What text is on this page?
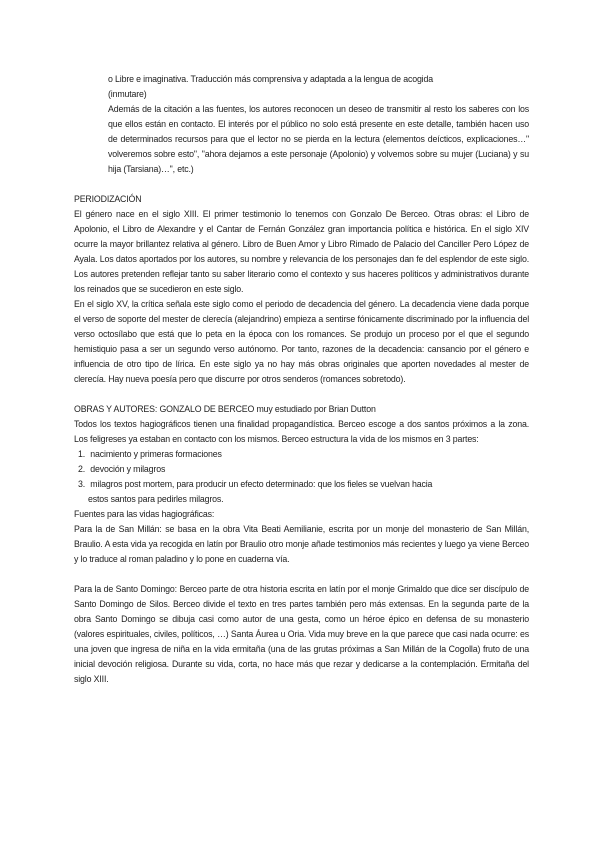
o Libre e imaginativa. Traducción más comprensiva y adaptada a la lengua de acogida

(inmutare)

Además de la citación a las fuentes, los autores reconocen un deseo de transmitir al resto los saberes con los que ellos están en contacto. El interés por el público no solo está presente en este detalle, también hacen uso de determinados recursos para que el lector no se pierda en la lectura (elementos deícticos, explicaciones…" volveremos sobre esto", "ahora dejamos a este personaje (Apolonio) y volvemos sobre su mujer (Luciana) y su hija (Tarsiana)…", etc.)

PERIODIZACIÓN

El género nace en el siglo XIII. El primer testimonio lo tenemos con Gonzalo De Berceo. Otras obras: el Libro de Apolonio, el Libro de Alexandre y el Cantar de Fernán González gran importancia política e histórica. En el siglo XIV ocurre la mayor brillantez relativa al género. Libro de Buen Amor y Libro Rimado de Palacio del Canciller Pero López de Ayala. Los datos aportados por los autores, su nombre y relevancia de los personajes dan fe del esplendor de este siglo. Los autores pretenden reflejar tanto su saber literario como el contexto y sus haceres políticos y administrativos durante los reinados que se sucedieron en este siglo.

En el siglo XV, la crítica señala este siglo como el periodo de decadencia del género. La decadencia viene dada porque el verso de soporte del mester de clerecía (alejandrino) empieza a sentirse fónicamente discriminado por la influencia del verso octosílabo que está que lo peta en la época con los romances. Se produjo un proceso por el que el segundo hemistiquio pasa a ser un segundo verso autónomo. Por tanto, razones de la decadencia: cansancio por el género e influencia de otro tipo de lírica. En este siglo ya no hay más obras originales que aporten novedades al mester de clerecía. Hay nueva poesía pero que discurre por otros senderos (romances sobretodo).

OBRAS Y AUTORES: GONZALO DE BERCEO muy estudiado por Brian Dutton

Todos los textos hagiográficos tienen una finalidad propagandística. Berceo escoge a dos santos próximos a la zona. Los feligreses ya estaban en contacto con los mismos. Berceo estructura la vida de los mismos en 3 partes:

1. nacimiento y primeras formaciones
2. devoción y milagros
3. milagros post mortem, para producir un efecto determinado: que los fieles se vuelvan hacia
estos santos para pedirles milagros.

Fuentes para las vidas hagiográficas:

Para la de San Millán: se basa en la obra Vita Beati Aemilianie, escrita por un monje del monasterio de San Millán, Braulio. A esta vida ya recogida en latín por Braulio otro monje añade testimonios más recientes y luego ya viene Berceo y lo traduce al roman paladino y lo pone en cuaderna vía.

Para la de Santo Domingo: Berceo parte de otra historia escrita en latín por el monje Grimaldo que dice ser discípulo de Santo Domingo de Silos. Berceo divide el texto en tres partes también pero más extensas. En la segunda parte de la obra Santo Domingo se dibuja casi como autor de una gesta, como un héroe épico en defensa de su monasterio (valores espirituales, civiles, políticos, …) Santa Áurea u Oria. Vida muy breve en la que parece que casi nada ocurre: es una joven que ingresa de niña en la vida ermitaña (una de las grutas próximas a San Millán de la Cogolla) fruto de una inicial devoción religiosa. Durante su vida, corta, no hace más que rezar y dedicarse a la contemplación. Ermitaña del siglo XIII.
